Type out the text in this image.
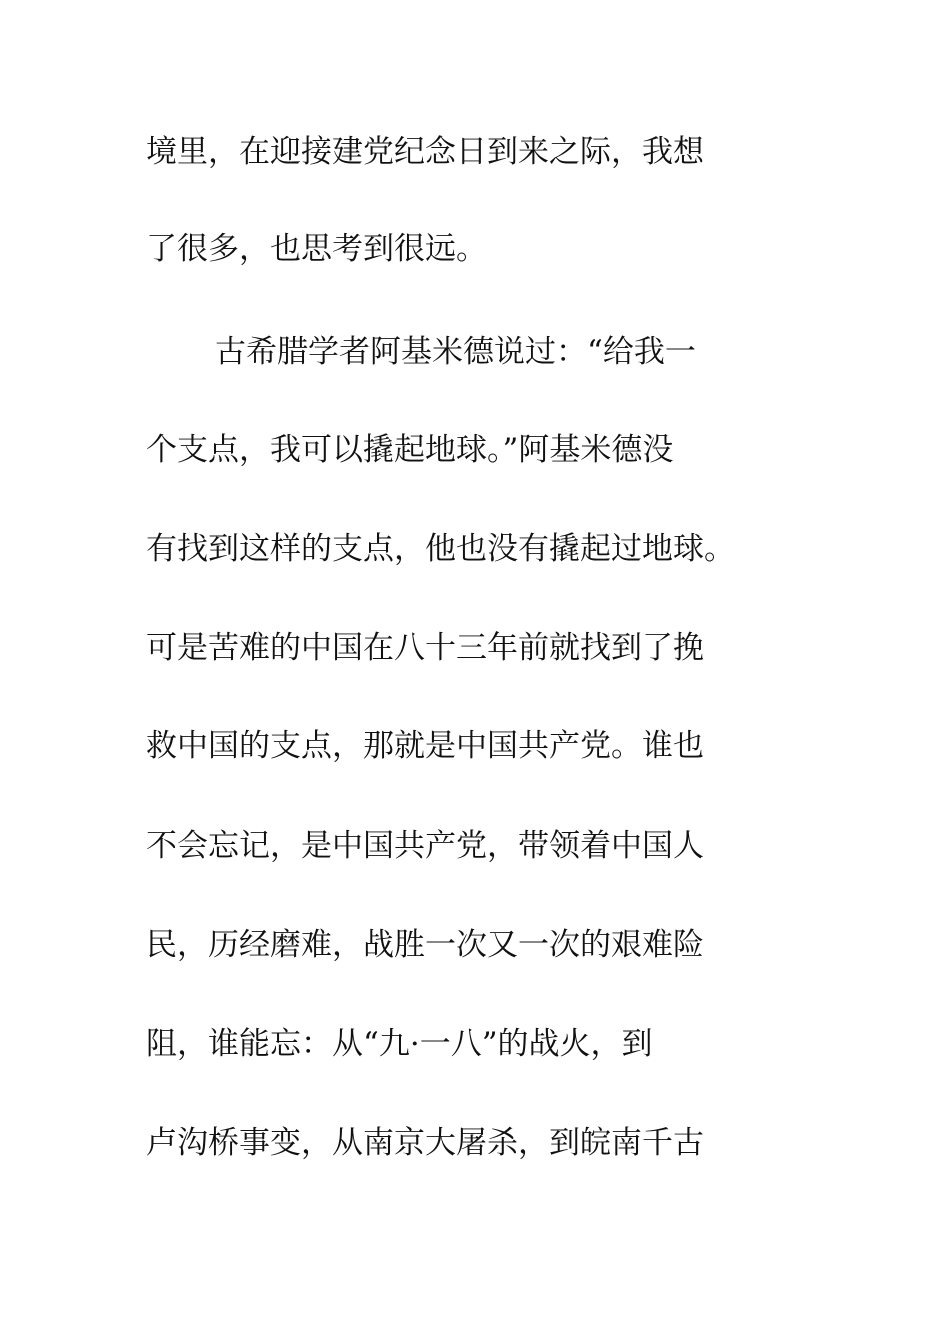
境里，在迎接建党纪念日到来之际，我想
了很多，也思考到很远。
古希腊学者阿基米德说过：“给我一
个支点，我可以撬起地球。”阿基米德没
有找到这样的支点，他也没有撬起过地球。
可是苦难的中国在八十三年前就找到了挽
救中国的支点，那就是中国共产党。谁也
不会忘记，是中国共产党，带领着中国人
民，历经磨难，战胜一次又一次的艰难险
阻，谁能忘：从“九·一八”的战火，到
卢沟桥事变，从南京大屠杀，到皖南千古
